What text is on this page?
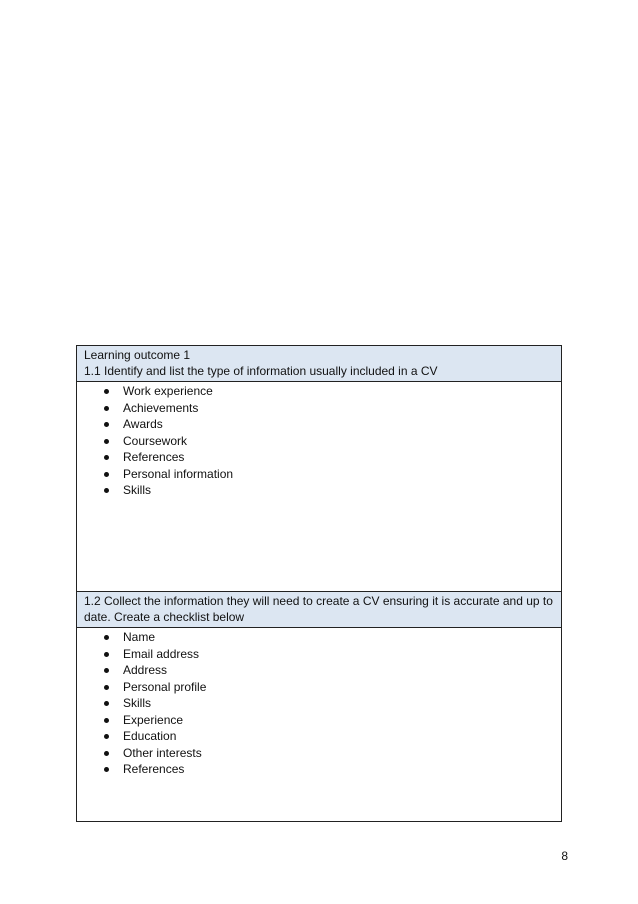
Learning outcome 1
1.1 Identify and list the type of information usually included in a CV

Work experience
Achievements
Awards
Coursework
References
Personal information
Skills

1.2 Collect the information they will need to create a CV ensuring it is accurate and up to date. Create a checklist below

Name
Email address
Address
Personal profile
Skills
Experience
Education
Other interests
References
8
